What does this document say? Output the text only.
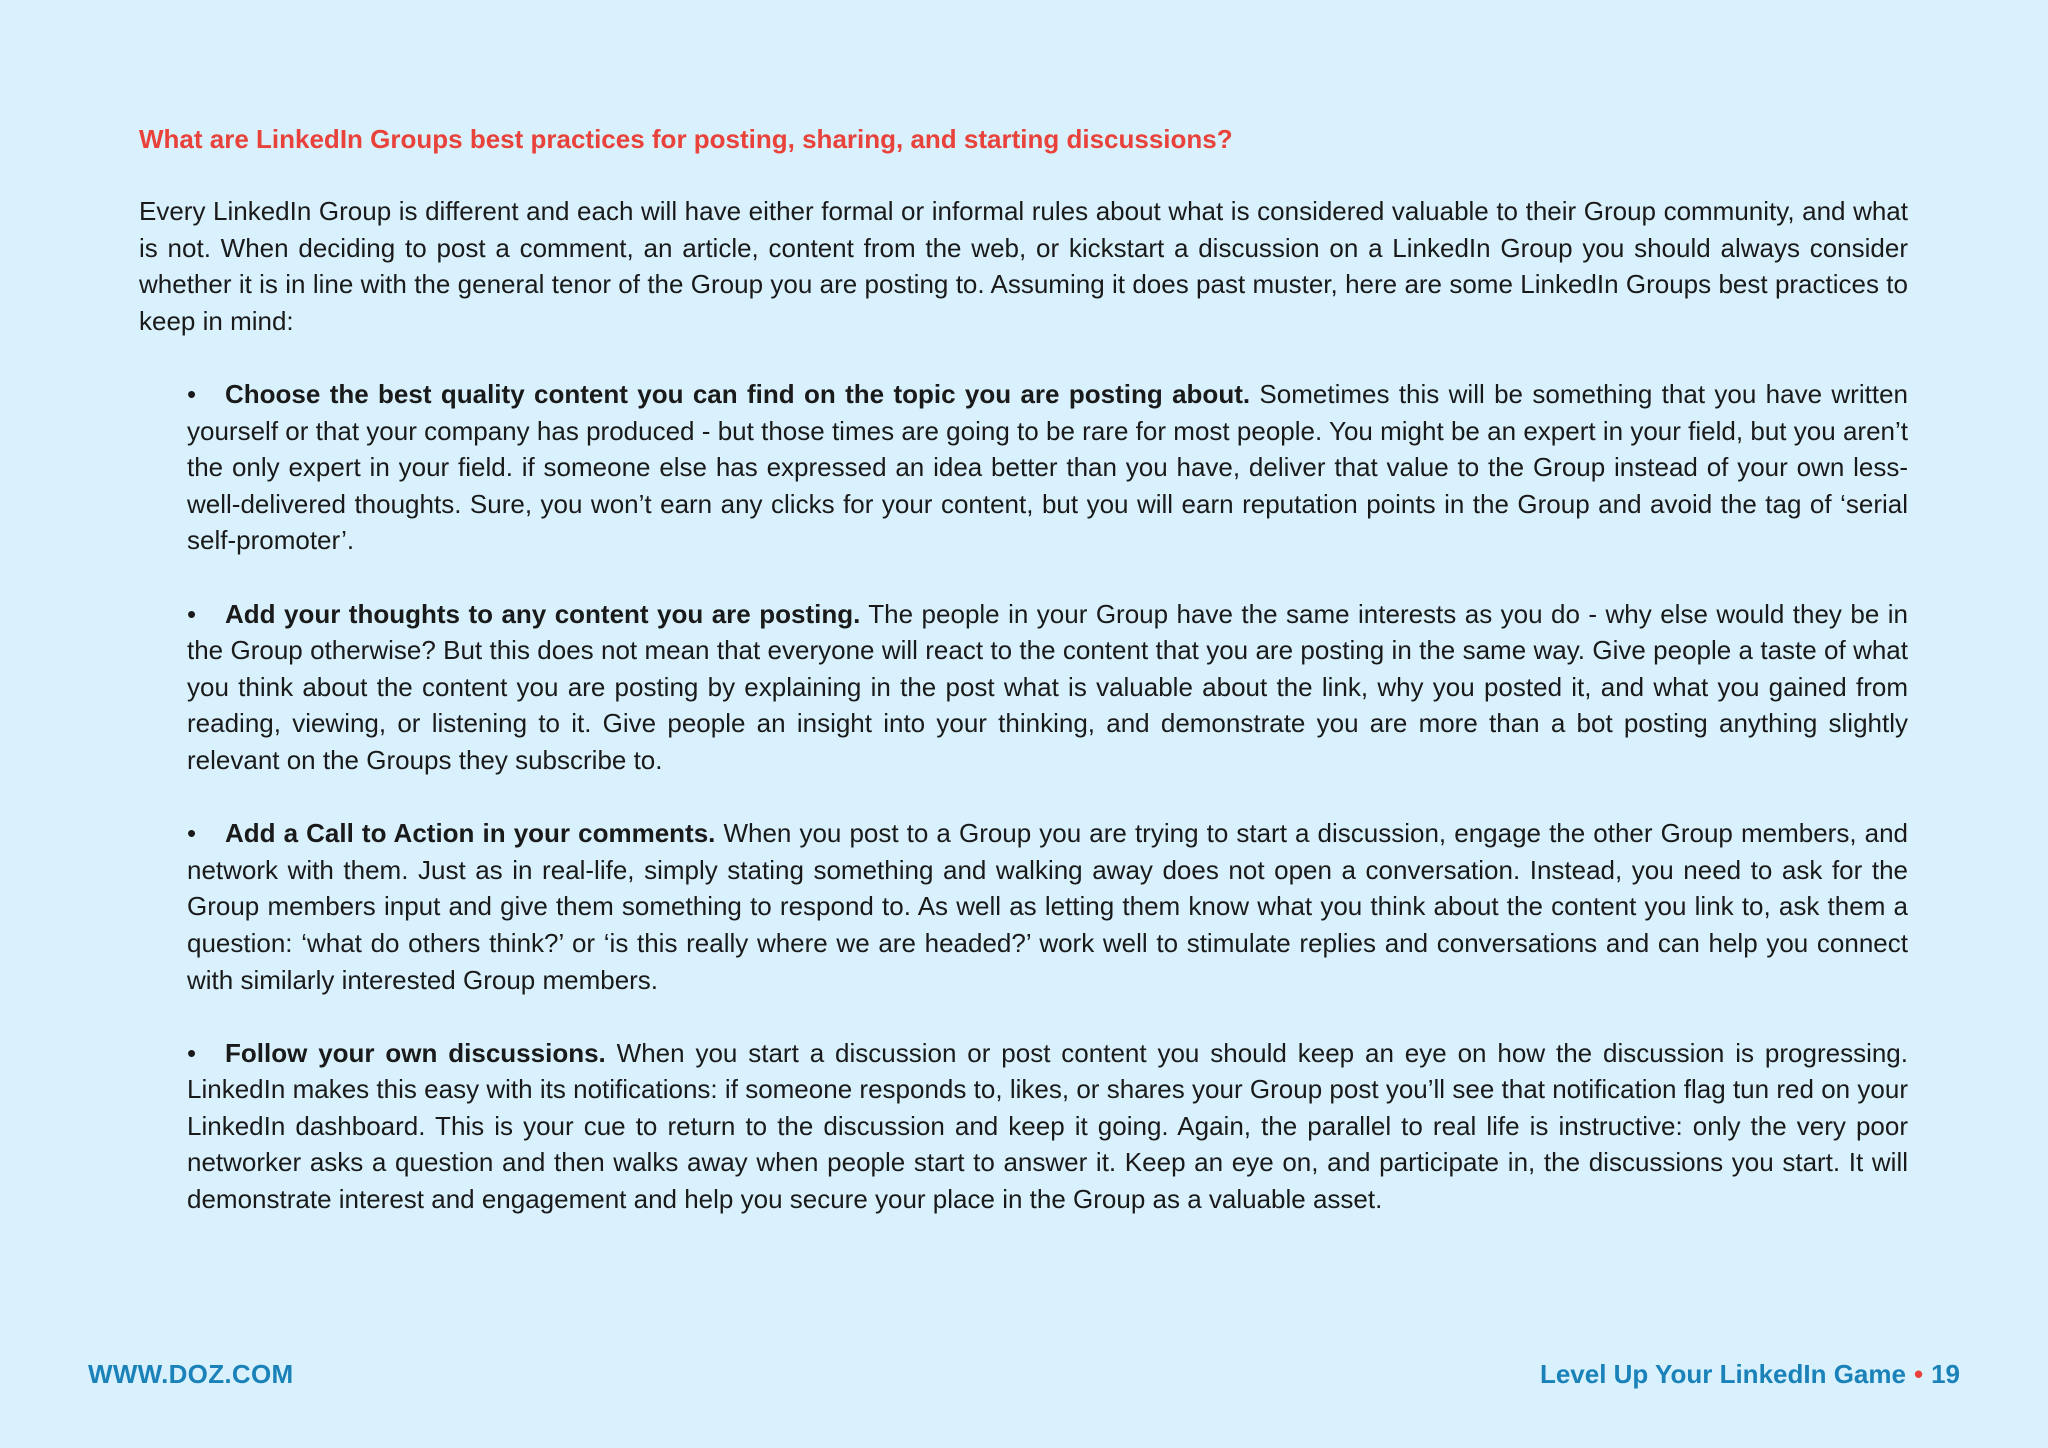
What are LinkedIn Groups best practices for posting, sharing, and starting discussions?

Every LinkedIn Group is different and each will have either formal or informal rules about what is considered valuable to their Group community, and what is not. When deciding to post a comment, an article, content from the web, or kickstart a discussion on a LinkedIn Group you should always consider whether it is in line with the general tenor of the Group you are posting to. Assuming it does past muster, here are some LinkedIn Groups best practices to keep in mind:

• Choose the best quality content you can find on the topic you are posting about. Sometimes this will be something that you have written yourself or that your company has produced - but those times are going to be rare for most people. You might be an expert in your field, but you aren’t the only expert in your field. if someone else has expressed an idea better than you have, deliver that value to the Group instead of your own less-well-delivered thoughts. Sure, you won’t earn any clicks for your content, but you will earn reputation points in the Group and avoid the tag of ‘serial self-promoter’.
• Add your thoughts to any content you are posting. The people in your Group have the same interests as you do - why else would they be in the Group otherwise? But this does not mean that everyone will react to the content that you are posting in the same way. Give people a taste of what you think about the content you are posting by explaining in the post what is valuable about the link, why you posted it, and what you gained from reading, viewing, or listening to it. Give people an insight into your thinking, and demonstrate you are more than a bot posting anything slightly relevant on the Groups they subscribe to.
• Add a Call to Action in your comments. When you post to a Group you are trying to start a discussion, engage the other Group members, and network with them. Just as in real-life, simply stating something and walking away does not open a conversation. Instead, you need to ask for the Group members input and give them something to respond to. As well as letting them know what you think about the content you link to, ask them a question: ‘what do others think?’ or ‘is this really where we are headed?’ work well to stimulate replies and conversations and can help you connect with similarly interested Group members.
• Follow your own discussions. When you start a discussion or post content you should keep an eye on how the discussion is progressing. LinkedIn makes this easy with its notifications: if someone responds to, likes, or shares your Group post you’ll see that notification flag tun red on your LinkedIn dashboard. This is your cue to return to the discussion and keep it going. Again, the parallel to real life is instructive: only the very poor networker asks a question and then walks away when people start to answer it. Keep an eye on, and participate in, the discussions you start. It will demonstrate interest and engagement and help you secure your place in the Group as a valuable asset.
WWW.DOZ.COM	Level Up Your LinkedIn Game • 19
